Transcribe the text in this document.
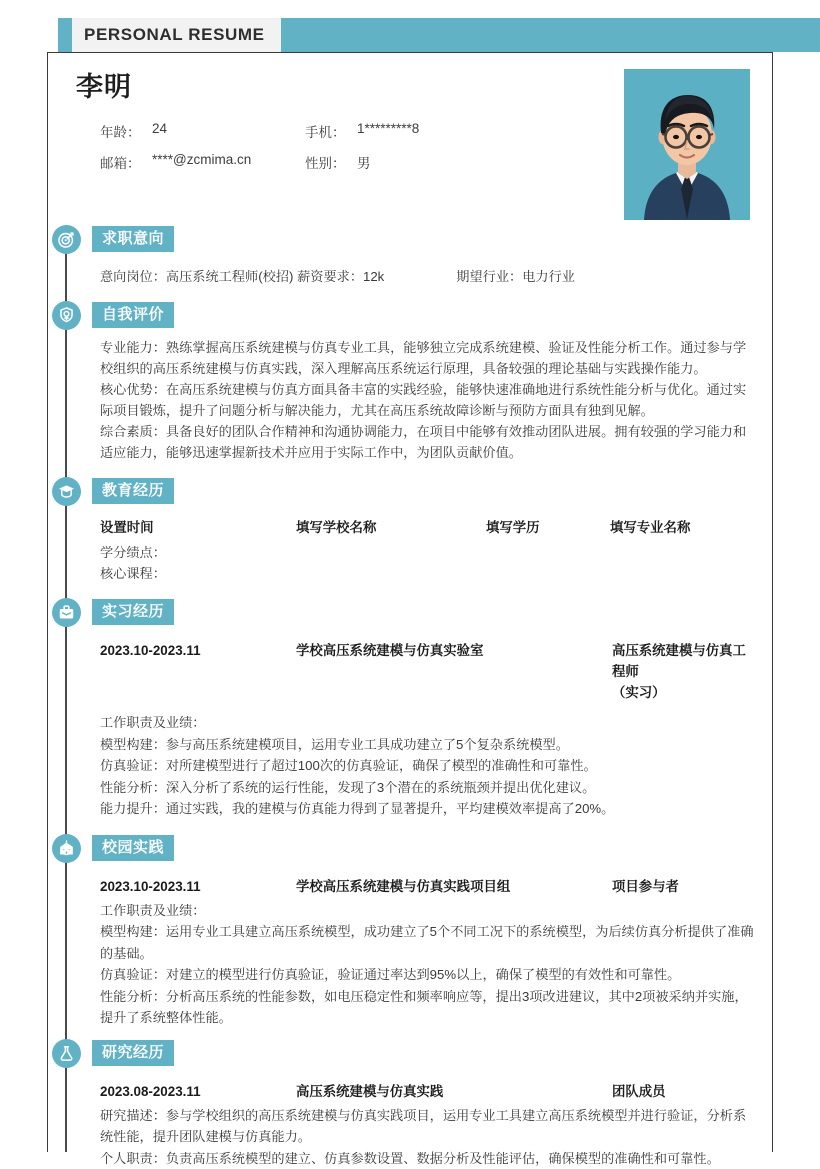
PERSONAL RESUME
李明
年龄： 24	手机： 1*********8
邮箱： ****@zcmima.cn	性别： 男
求职意向
意向岗位：高压系统工程师(校招) 薪资要求：12k	期望行业：电力行业
自我评价

专业能力：熟练掌握高压系统建模与仿真专业工具，能够独立完成系统建模、验证及性能分析工作。通过参与学校组织的高压系统建模与仿真实践，深入理解高压系统运行原理，具备较强的理论基础与实践操作能力。

核心优势：在高压系统建模与仿真方面具备丰富的实践经验，能够快速准确地进行系统性能分析与优化。通过实际项目锻炼，提升了问题分析与解决能力，尤其在高压系统故障诊断与预防方面具有独到见解。

综合素质：具备良好的团队合作精神和沟通协调能力，在项目中能够有效推动团队进展。拥有较强的学习能力和适应能力，能够迅速掌握新技术并应用于实际工作中，为团队贡献价值。

教育经历
设置时间	填写学校名称	填写学历	填写专业名称
学分绩点：
核心课程：
实习经历
2023.10-2023.11	学校高压系统建模与仿真实验室	高压系统建模与仿真工程师
（实习）

工作职责及业绩：

模型构建：参与高压系统建模项目，运用专业工具成功建立了5个复杂系统模型。

仿真验证：对所建模型进行了超过100次的仿真验证，确保了模型的准确性和可靠性。

性能分析：深入分析了系统的运行性能，发现了3个潜在的系统瓶颈并提出优化建议。

能力提升：通过实践，我的建模与仿真能力得到了显著提升，平均建模效率提高了20%。

校园实践
2023.10-2023.11	学校高压系统建模与仿真实践项目组	项目参与者

工作职责及业绩：

模型构建：运用专业工具建立高压系统模型，成功建立了5个不同工况下的系统模型，为后续仿真分析提供了准确的基础。

仿真验证：对建立的模型进行仿真验证，验证通过率达到95%以上，确保了模型的有效性和可靠性。

性能分析：分析高压系统的性能参数，如电压稳定性和频率响应等，提出3项改进建议，其中2项被采纳并实施，提升了系统整体性能。

研究经历
2023.08-2023.11	高压系统建模与仿真实践	团队成员

研究描述：参与学校组织的高压系统建模与仿真实践项目，运用专业工具建立高压系统模型并进行验证，分析系统性能，提升团队建模与仿真能力。

个人职责：负责高压系统模型的建立、仿真参数设置、数据分析及性能评估，确保模型的准确性和可靠性。
